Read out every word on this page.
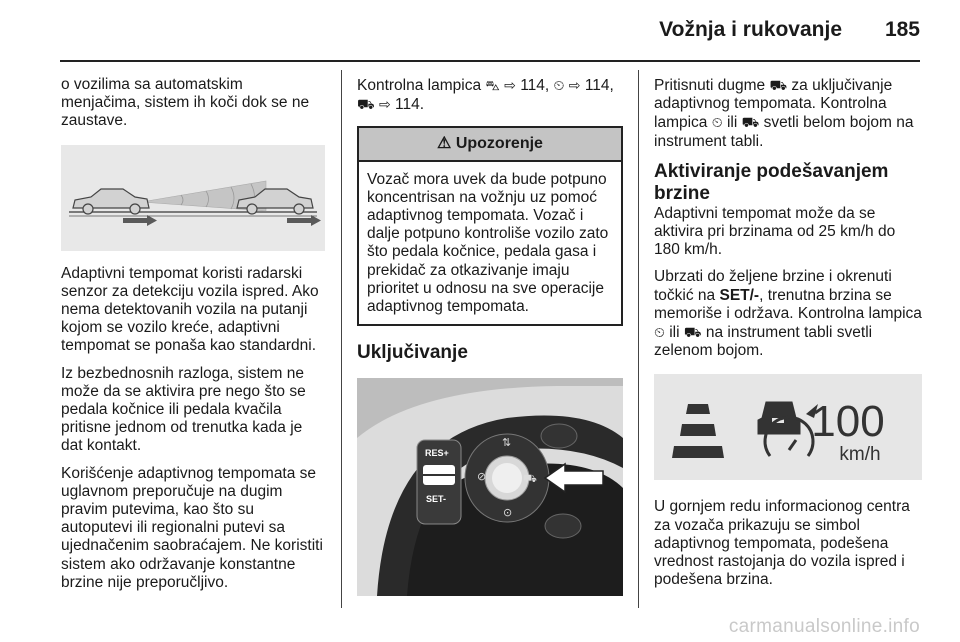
Vožnja i rukovanje 185

o vozilima sa automatskim menjačima, sistem ih koči dok se ne zaustave.

Adaptivni tempomat koristi radarski senzor za detekciju vozila ispred. Ako nema detektovanih vozila na putanji kojom se vozilo kreće, adaptivni tempomat se ponaša kao standardni.

Iz bezbednosnih razloga, sistem ne može da se aktivira pre nego što se pedala kočnice ili pedala kvačila pritisne jednom od trenutka kada je dat kontakt.

Korišćenje adaptivnog tempomata se uglavnom preporučuje na dugim pravim putevima, kao što su autoputevi ili regionalni putevi sa ujednačenim saobraćajem. Ne koristiti sistem ako održavanje konstantne brzine nije preporučljivo.

Kontrolna lampica ⛍ ⇨ 114, ⏲ ⇨ 114,
⛟ ⇨ 114.
⚠ Upozorenje
Vozač mora uvek da bude potpuno koncentrisan na vožnju uz pomoć adaptivnog tempomata. Vozač i dalje potpuno kontroliše vozilo zato što pedala kočnice, pedala gasa i prekidač za otkazivanje imaju prioritet u odnosu na sve operacije adaptivnog tempomata.
Uključivanje
RES+
SET-
⊘
⇅
⛟
⊙

Pritisnuti dugme ⛟ za uključivanje adaptivnog tempomata. Kontrolna lampica ⏲ ili ⛟ svetli belom bojom na instrument tabli.

Aktiviranje podešavanjem brzine

Adaptivni tempomat može da se aktivira pri brzinama od 25 km/h do 180 km/h.

Ubrzati do željene brzine i okrenuti točkić na SET/-, trenutna brzina se memoriše i održava. Kontrolna lampica ⏲ ili ⛟ na instrument tabli svetli zelenom bojom.

100
km/h

U gornjem redu informacionog centra za vozača prikazuju se simbol adaptivnog tempomata, podešena vrednost rastojanja do vozila ispred i podešena brzina.

carmanualsonline.info
